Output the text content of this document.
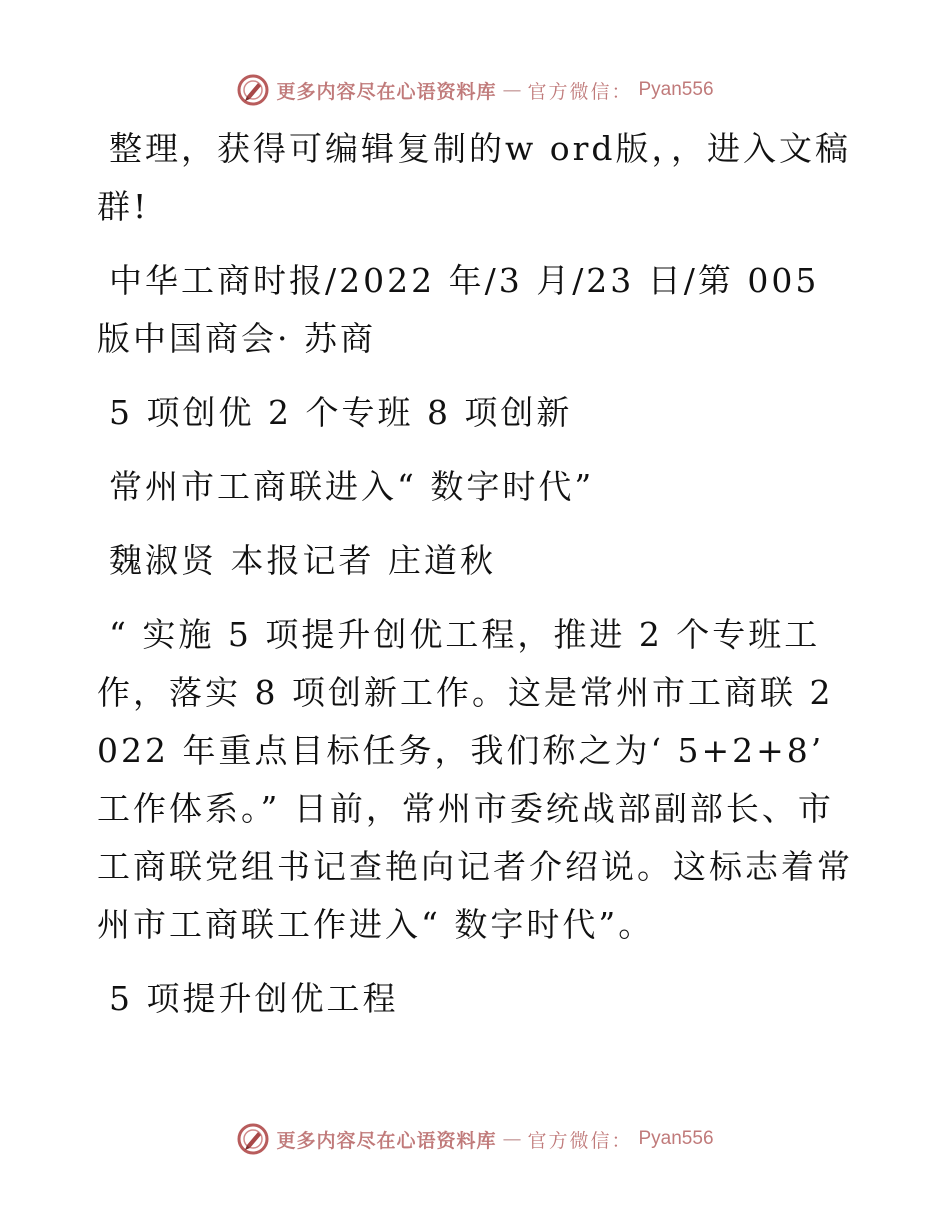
更多内容尽在心语资料库 — 官方微信： Pyan556

整理，获得可编辑复制的w ord版，，进入文稿群!

中华工商时报/2022 年/3 月/23 日/第 005 版中国商会· 苏商

5 项创优 2 个专班 8 项创新

常州市工商联进入“ 数字时代”

魏淑贤 本报记者 庄道秋

“ 实施 5 项提升创优工程，推进 2 个专班工作，落实 8 项创新工作。这是常州市工商联 2022 年重点目标任务，我们称之为‘ 5+2+8’ 工作体系。” 日前，常州市委统战部副部长、市工商联党组书记查艳向记者介绍说。这标志着常州市工商联工作进入“ 数字时代”。

5 项提升创优工程

更多内容尽在心语资料库 — 官方微信： Pyan556
